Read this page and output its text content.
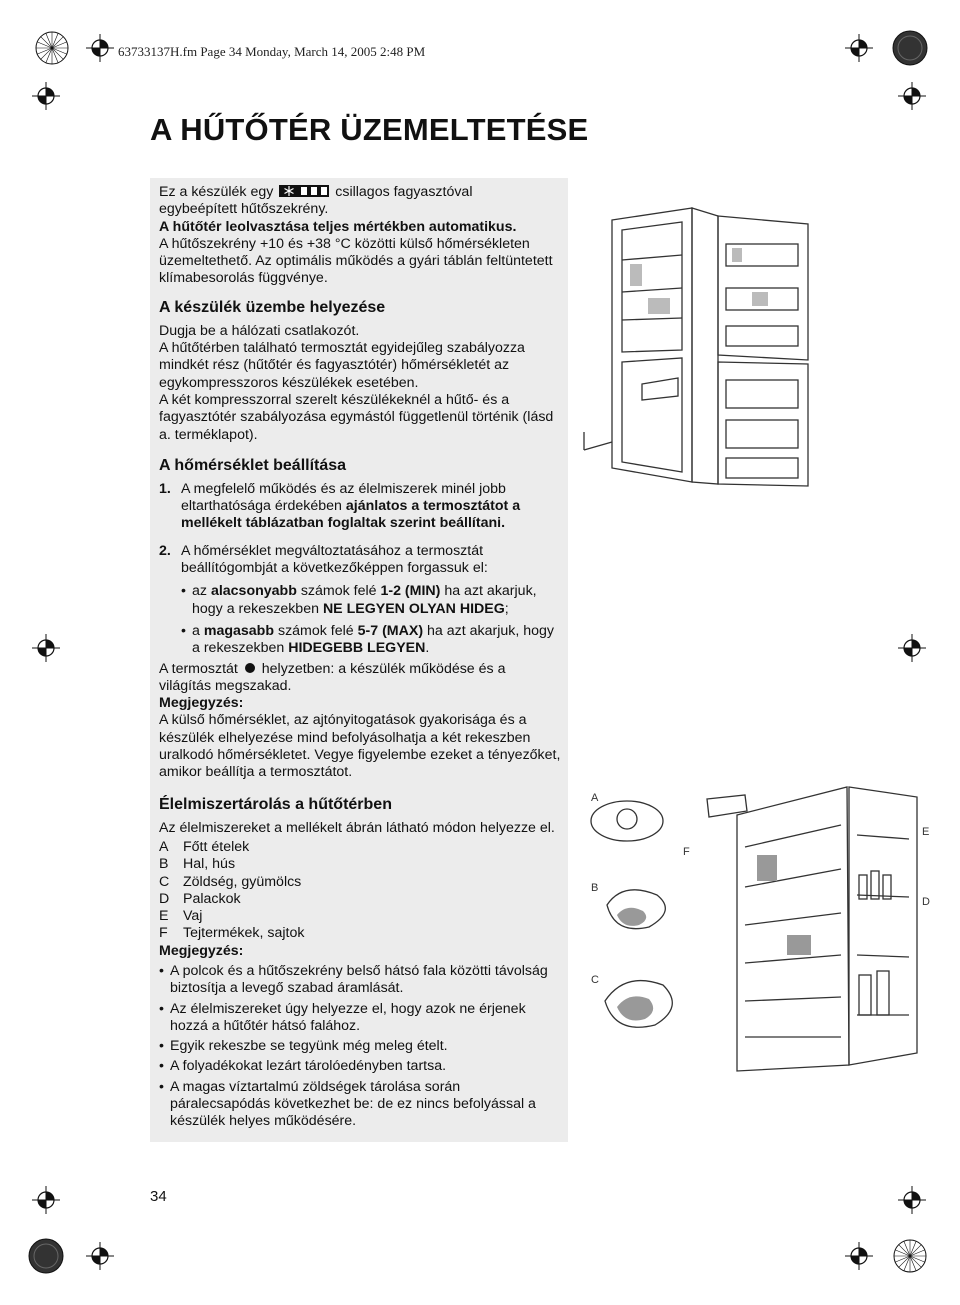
63733137H.fm Page 34 Monday, March 14, 2005 2:48 PM
A HŰTŐTÉR ÜZEMELTETÉSE

Ez a készülék egy	csillagos fagyasztóval

egybeépített hűtőszekrény.

A hűtőtér leolvasztása teljes mértékben automatikus.

A hűtőszekrény +10 és +38 °C közötti külső hőmérsékleten üzemeltethető. Az optimális működés a gyári táblán feltüntetett klímabesorolás függvénye.

A készülék üzembe helyezése

Dugja be a hálózati csatlakozót.

A hűtőtérben található termosztát egyidejűleg szabályozza mindkét rész (hűtőtér és fagyasztótér) hőmérsékletét az egykompresszoros készülékek esetében.

A két kompresszorral szerelt készülékeknél a hűtő- és a fagyasztótér szabályozása egymástól függetlenül történik (lásd a. terméklapot).

A hőmérséklet beállítása
1. A megfelelő működés és az élelmiszerek minél jobb eltarthatósága érdekében ajánlatos a termosztátot a mellékelt táblázatban foglaltak szerint beállítani.
2. A hőmérséklet megváltoztatásához a termosztát beállítógombját a következőképpen forgassuk el:
• az alacsonyabb számok felé 1-2 (MIN) ha azt akarjuk, hogy a rekeszekben NE LEGYEN OLYAN HIDEG;
• a magasabb számok felé 5-7 (MAX) ha azt akarjuk, hogy a rekeszekben HIDEGEBB LEGYEN.

A termosztát helyzetben: a készülék működése és a világítás megszakad.

Megjegyzés:

A külső hőmérséklet, az ajtónyitogatások gyakorisága és a készülék elhelyezése mind befolyásolhatja a két rekeszben uralkodó hőmérsékletet. Vegye figyelembe ezeket a tényezőket, amikor beállítja a termosztátot.

Élelmiszertárolás a hűtőtérben

Az élelmiszereket a mellékelt ábrán látható módon helyezze el.

A	Főtt ételek
B	Hal, hús
C Zöldség, gyümölcs
D Palackok
E	Vaj
F	Tejtermékek, sajtok

Megjegyzés:

• A polcok és a hűtőszekrény belső hátsó fala közötti távolság biztosítja a levegő szabad áramlását.
• Az élelmiszereket úgy helyezze el, hogy azok ne érjenek hozzá a hűtőtér hátsó falához.
• Egyik rekeszbe se tegyünk még meleg ételt.
• A folyadékokat lezárt tárolóedényben tartsa.
• A magas víztartalmú zöldségek tárolása során páralecsapódás következhet be: de ez nincs befolyással a készülék helyes működésére.
A
B
C
D
E
F
34
